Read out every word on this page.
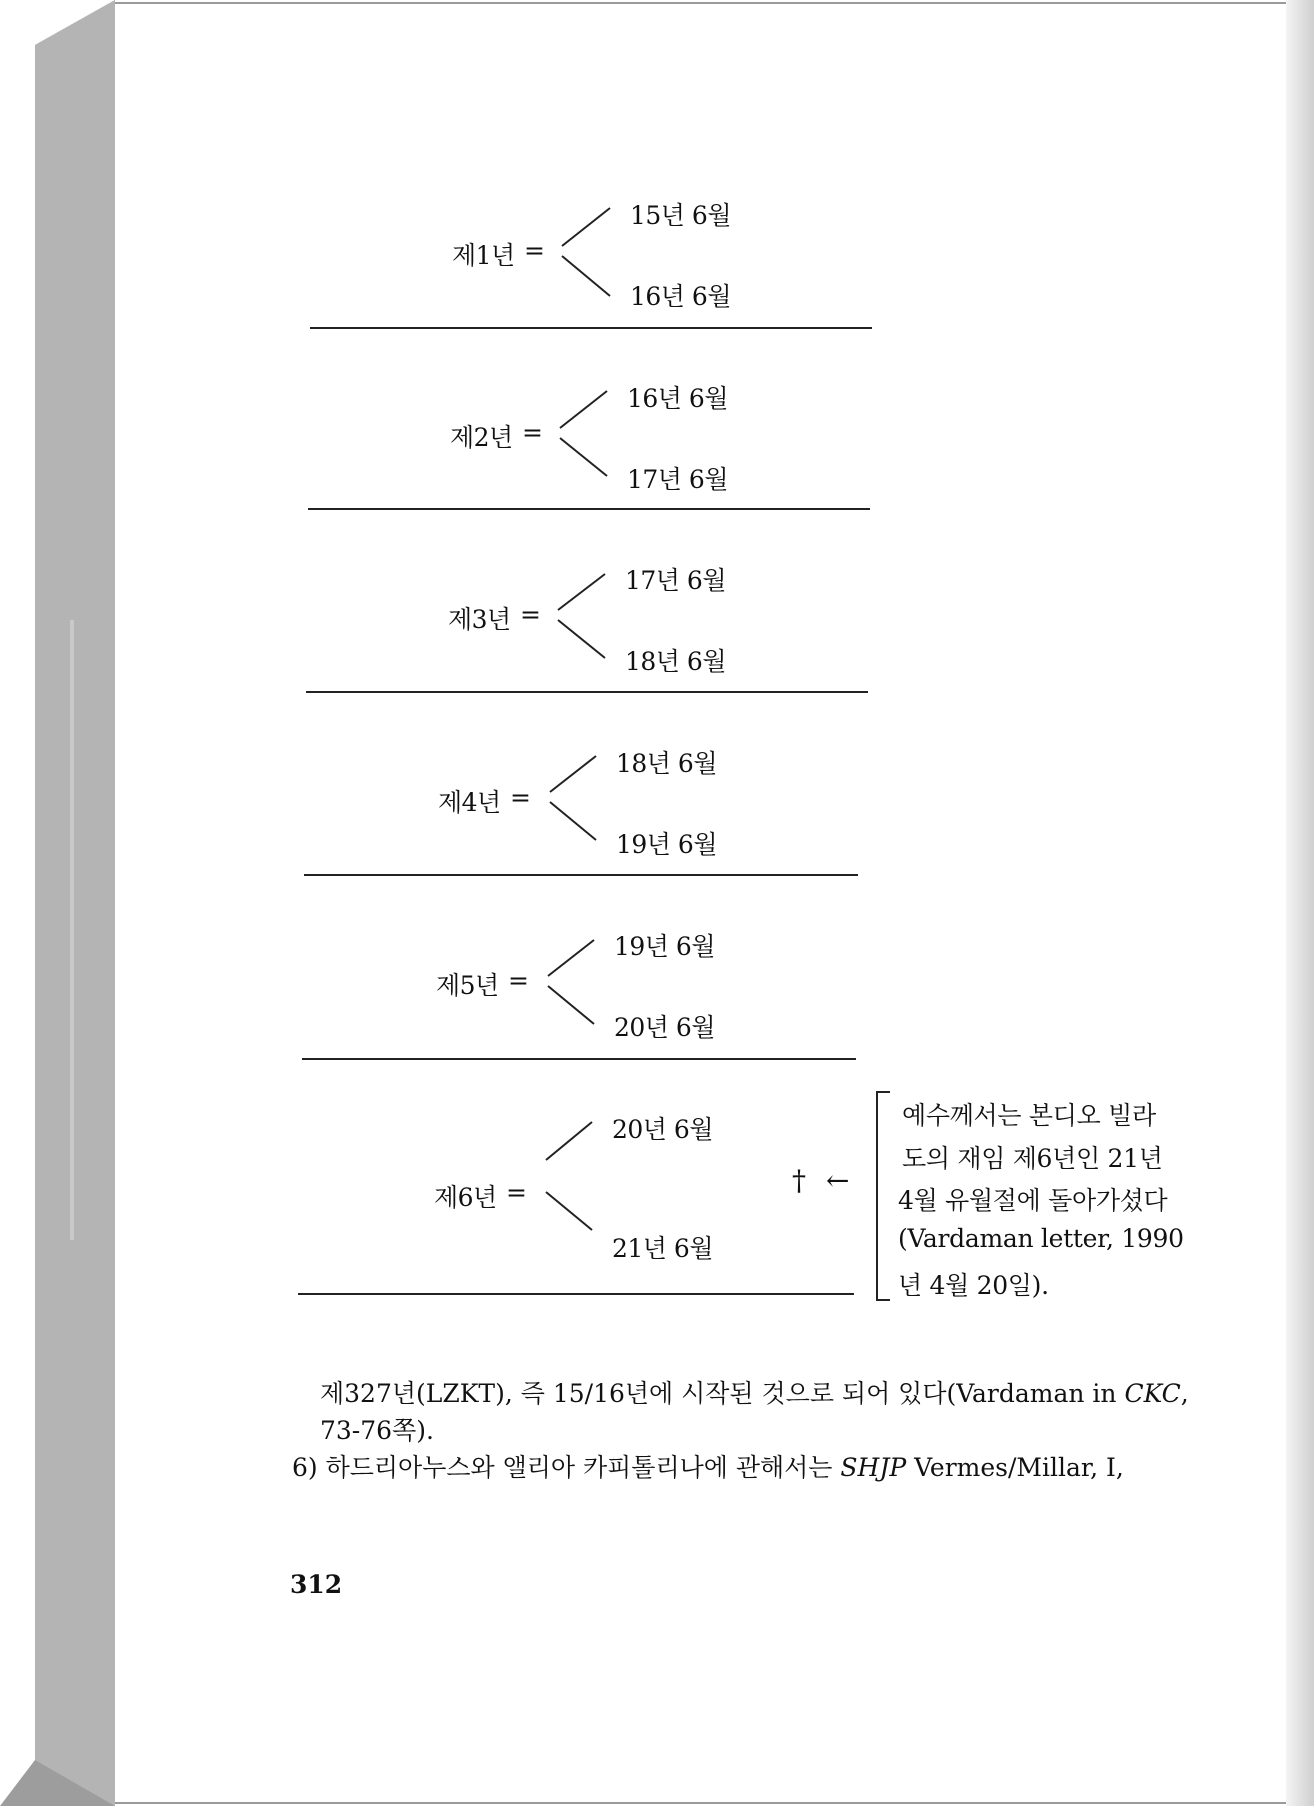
제1년 =
15년 6월
16년 6월
제2년 =
16년 6월
17년 6월
제3년 =
17년 6월
18년 6월
제4년 =
18년 6월
19년 6월
제5년 =
19년 6월
20년 6월
제6년 =
20년 6월
21년 6월
† ←
예수께서는 본디오 빌라
도의 재임 제6년인 21년
4월 유월절에 돌아가셨다
(Vardaman letter, 1990
년 4월 20일).
제327년(LZKT), 즉 15/16년에 시작된 것으로 되어 있다(Vardaman in CKC,
73-76쪽).
6) 하드리아누스와 앨리아 카피톨리나에 관해서는 SHJP Vermes/Millar, Ⅰ,
312
